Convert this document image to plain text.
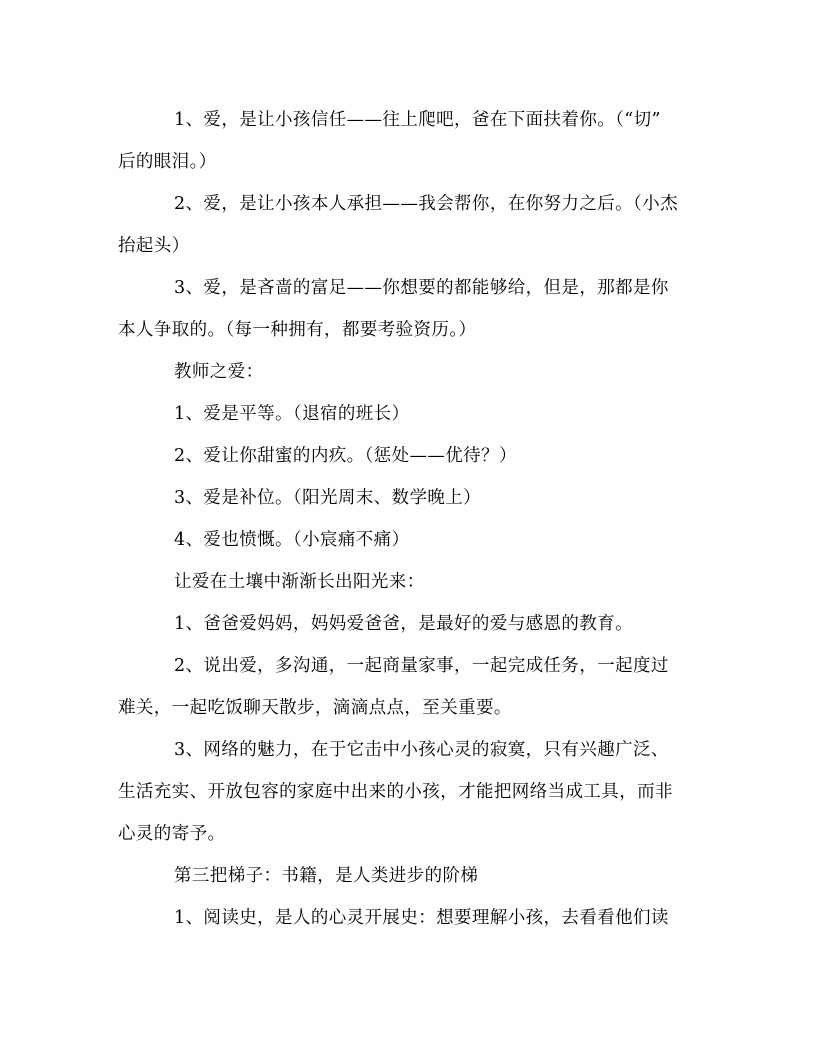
1、爱，是让小孩信任——往上爬吧，爸在下面扶着你。（“切”
后的眼泪。）
2、爱，是让小孩本人承担——我会帮你，在你努力之后。（小杰
抬起头）
3、爱，是吝啬的富足——你想要的都能够给，但是，那都是你
本人争取的。（每一种拥有，都要考验资历。）
教师之爱：
1、爱是平等。（退宿的班长）
2、爱让你甜蜜的内疚。（惩处——优待？）
3、爱是补位。（阳光周末、数学晚上）
4、爱也愤慨。（小宸痛不痛）
让爱在土壤中渐渐长出阳光来：
1、爸爸爱妈妈，妈妈爱爸爸，是最好的爱与感恩的教育。
2、说出爱，多沟通，一起商量家事，一起完成任务，一起度过
难关，一起吃饭聊天散步，滴滴点点，至关重要。
3、网络的魅力，在于它击中小孩心灵的寂寞，只有兴趣广泛、
生活充实、开放包容的家庭中出来的小孩，才能把网络当成工具，而非
心灵的寄予。
第三把梯子：书籍，是人类进步的阶梯
1、阅读史，是人的心灵开展史：想要理解小孩，去看看他们读
